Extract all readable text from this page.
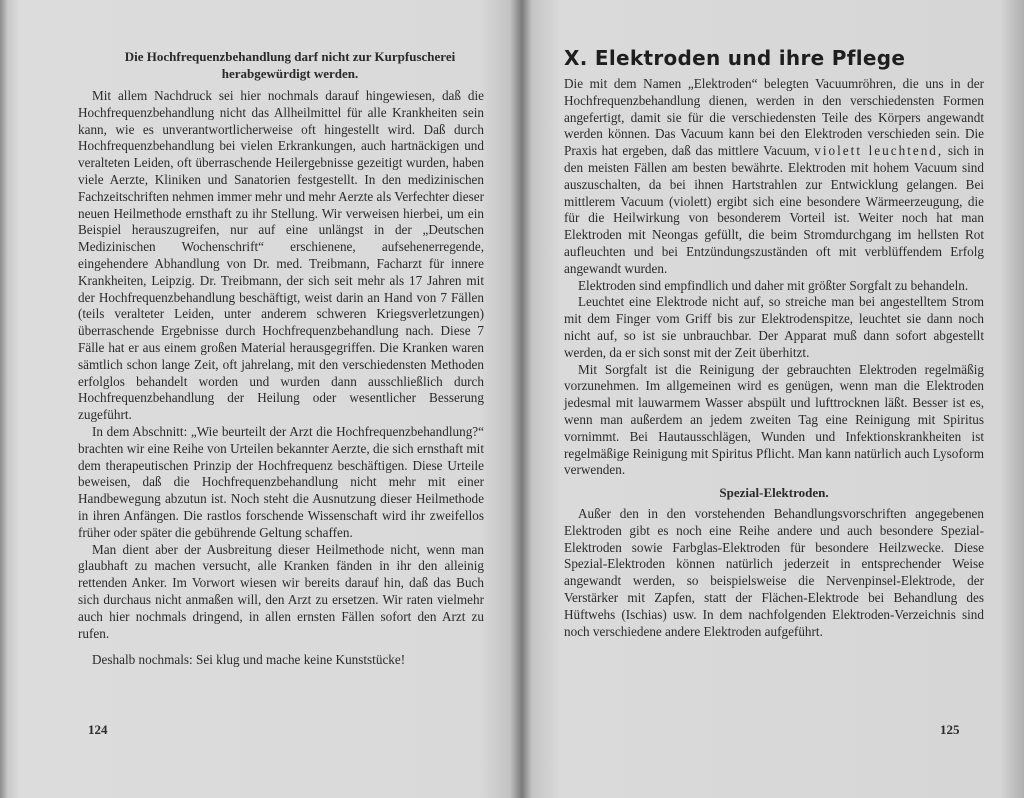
Die Hochfrequenzbehandlung darf nicht zur Kurpfuscherei herabgewürdigt werden.

Mit allem Nachdruck sei hier nochmals darauf hingewiesen, daß die Hochfrequenzbehandlung nicht das Allheilmittel für alle Krankheiten sein kann, wie es unverantwortlicherweise oft hingestellt wird. Daß durch Hochfrequenzbehandlung bei vielen Erkrankungen, auch hartnäckigen und veralteten Leiden, oft überraschende Heilergebnisse gezeitigt wurden, haben viele Aerzte, Kliniken und Sanatorien festgestellt. In den medizinischen Fachzeitschriften nehmen immer mehr und mehr Aerzte als Verfechter dieser neuen Heilmethode ernsthaft zu ihr Stellung. Wir verweisen hierbei, um ein Beispiel herauszugreifen, nur auf eine unlängst in der „Deutschen Medizinischen Wochenschrift“ erschienene, aufsehenerregende, eingehendere Abhandlung von Dr. med. Treibmann, Facharzt für innere Krankheiten, Leipzig. Dr. Treibmann, der sich seit mehr als 17 Jahren mit der Hochfrequenzbehandlung beschäftigt, weist darin an Hand von 7 Fällen (teils veralteter Leiden, unter anderem schweren Kriegsverletzungen) überraschende Ergebnisse durch Hochfrequenzbehandlung nach. Diese 7 Fälle hat er aus einem großen Material herausgegriffen. Die Kranken waren sämtlich schon lange Zeit, oft jahrelang, mit den verschiedensten Methoden erfolglos behandelt worden und wurden dann ausschließlich durch Hochfrequenzbehandlung der Heilung oder wesentlicher Besserung zugeführt.

In dem Abschnitt: „Wie beurteilt der Arzt die Hochfrequenzbehandlung?“ brachten wir eine Reihe von Urteilen bekannter Aerzte, die sich ernsthaft mit dem therapeutischen Prinzip der Hochfrequenz beschäftigen. Diese Urteile beweisen, daß die Hochfrequenzbehandlung nicht mehr mit einer Handbewegung abzutun ist. Noch steht die Ausnutzung dieser Heilmethode in ihren Anfängen. Die rastlos forschende Wissenschaft wird ihr zweifellos früher oder später die gebührende Geltung schaffen.

Man dient aber der Ausbreitung dieser Heilmethode nicht, wenn man glaubhaft zu machen versucht, alle Kranken fänden in ihr den alleinig rettenden Anker. Im Vorwort wiesen wir bereits darauf hin, daß das Buch sich durchaus nicht anmaßen will, den Arzt zu ersetzen. Wir raten vielmehr auch hier nochmals dringend, in allen ernsten Fällen sofort den Arzt zu rufen.

Deshalb nochmals: Sei klug und mache keine Kunststücke!

124
X. Elektroden und ihre Pflege

Die mit dem Namen „Elektroden“ belegten Vacuumröhren, die uns in der Hochfrequenzbehandlung dienen, werden in den verschiedensten Formen angefertigt, damit sie für die verschiedensten Teile des Körpers angewandt werden können. Das Vacuum kann bei den Elektroden verschieden sein. Die Praxis hat ergeben, daß das mittlere Vacuum, violett leuchtend, sich in den meisten Fällen am besten bewährte. Elektroden mit hohem Vacuum sind auszuschalten, da bei ihnen Hartstrahlen zur Entwicklung gelangen. Bei mittlerem Vacuum (violett) ergibt sich eine besondere Wärmeerzeugung, die für die Heilwirkung von besonderem Vorteil ist. Weiter noch hat man Elektroden mit Neongas gefüllt, die beim Stromdurchgang im hellsten Rot aufleuchten und bei Entzündungszuständen oft mit verblüffendem Erfolg angewandt wurden.

Elektroden sind empfindlich und daher mit größter Sorgfalt zu behandeln.

Leuchtet eine Elektrode nicht auf, so streiche man bei angestelltem Strom mit dem Finger vom Griff bis zur Elektrodenspitze, leuchtet sie dann noch nicht auf, so ist sie unbrauchbar. Der Apparat muß dann sofort abgestellt werden, da er sich sonst mit der Zeit überhitzt.

Mit Sorgfalt ist die Reinigung der gebrauchten Elektroden regelmäßig vorzunehmen. Im allgemeinen wird es genügen, wenn man die Elektroden jedesmal mit lauwarmem Wasser abspült und lufttrocknen läßt. Besser ist es, wenn man außerdem an jedem zweiten Tag eine Reinigung mit Spiritus vornimmt. Bei Hautausschlägen, Wunden und Infektionskrankheiten ist regelmäßige Reinigung mit Spiritus Pflicht. Man kann natürlich auch Lysoform verwenden.

Spezial-Elektroden.

Außer den in den vorstehenden Behandlungsvorschriften angegebenen Elektroden gibt es noch eine Reihe andere und auch besondere Spezial-Elektroden sowie Farbglas-Elektroden für besondere Heilzwecke. Diese Spezial-Elektroden können natürlich jederzeit in entsprechender Weise angewandt werden, so beispielsweise die Nervenpinsel-Elektrode, der Verstärker mit Zapfen, statt der Flächen-Elektrode bei Behandlung des Hüftwehs (Ischias) usw. In dem nachfolgenden Elektroden-Verzeichnis sind noch verschiedene andere Elektroden aufgeführt.

125
